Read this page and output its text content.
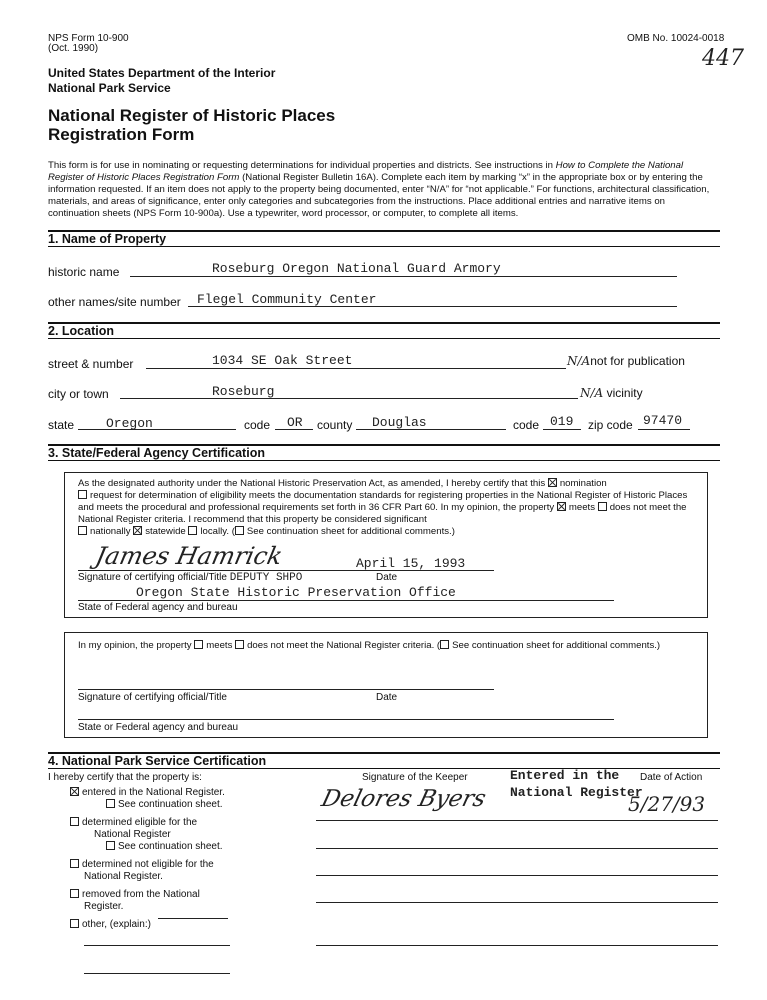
NPS Form 10-900
(Oct. 1990)
OMB No. 10024-0018
447
United States Department of the Interior
National Park Service
National Register of Historic Places
Registration Form
This form is for use in nominating or requesting determinations for individual properties and districts. See instructions in How to Complete the National Register of Historic Places Registration Form (National Register Bulletin 16A). Complete each item by marking “x” in the appropriate box or by entering the information requested. If an item does not apply to the property being documented, enter “N/A” for “not applicable.” For functions, architectural classification, materials, and areas of significance, enter only categories and subcategories from the instructions. Place additional entries and narrative items on continuation sheets (NPS Form 10-900a). Use a typewriter, word processor, or computer, to complete all items.
1. Name of Property
historic name	Roseburg Oregon National Guard Armory
other names/site number Flegel Community Center
2. Location
street & number	1034 SE Oak Street	N/Anot for publication
city or town	Roseburg	N/A vicinity
state Oregon	code OR county Douglas	code 019 zip code 97470
3. State/Federal Agency Certification
As the designated authority under the National Historic Preservation Act, as amended, I hereby certify that this nomination
request for determination of eligibility meets the documentation standards for registering properties in the National Register of Historic Places and meets the procedural and professional requirements set forth in 36 CFR Part 60. In my opinion, the property meets does not meet the National Register criteria. I recommend that this property be considered significant
nationally statewide locally. ( See continuation sheet for additional comments.)
James Hamrick	April 15, 1993
Signature of certifying official/Title DEPUTY SHPO	Date
Oregon State Historic Preservation Office
State of Federal agency and bureau
In my opinion, the property meets does not meet the National Register criteria. ( See continuation sheet for additional comments.)
Signature of certifying official/Title	Date
State or Federal agency and bureau
4. National Park Service Certification
I hereby certify that the property is:

entered in the National Register.

See continuation sheet.

determined eligible for the

National Register

See continuation sheet.

determined not eligible for the

National Register.

removed from the National

Register.

other, (explain:)

Signature of the Keeper	Entered in the
National Register
Date of Action
Delores Byers	5/27/93
